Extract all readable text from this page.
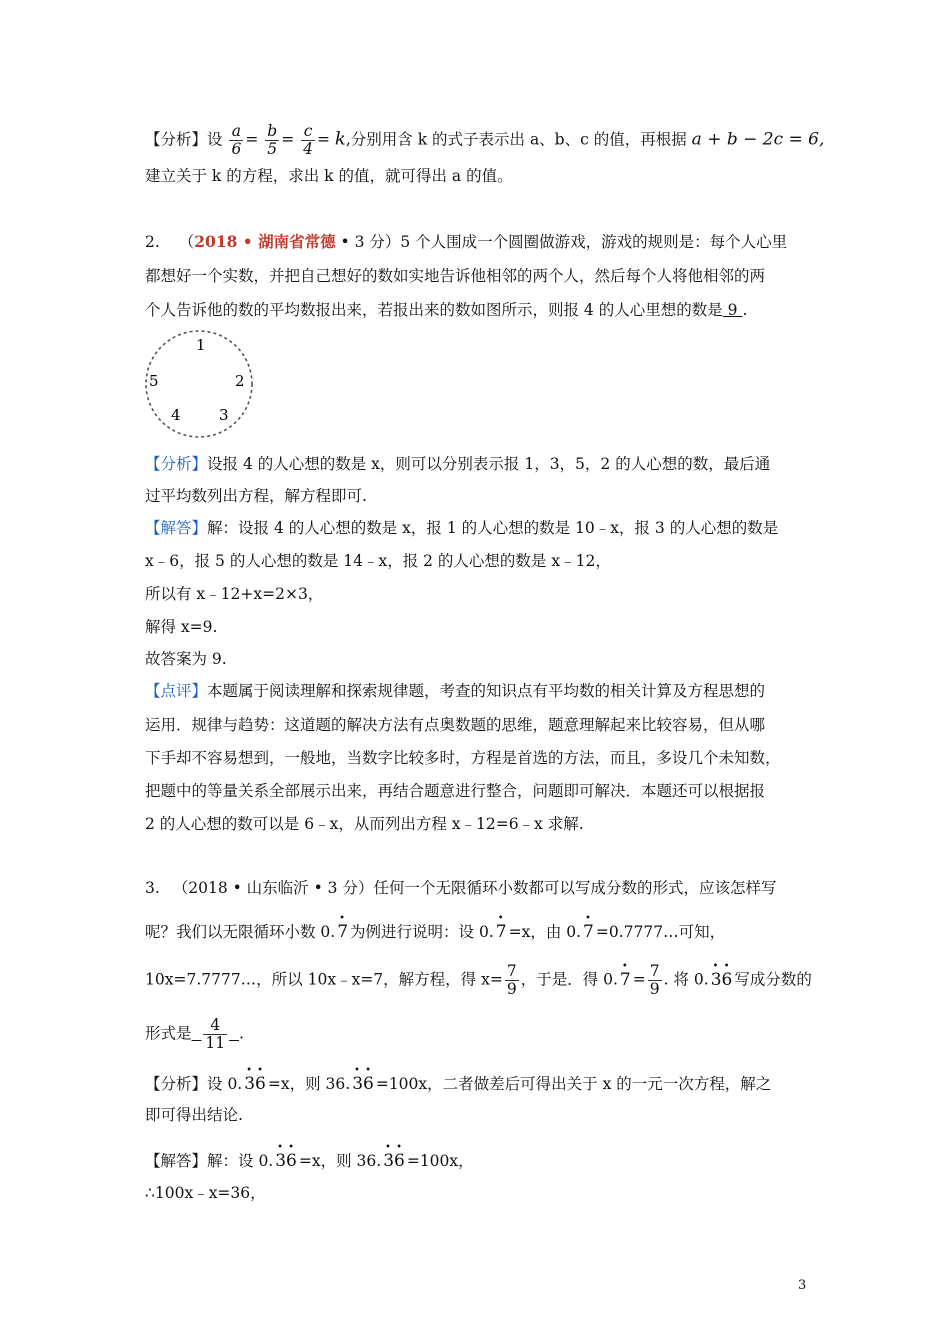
【分析】设 $\frac{a}{6} = \frac{b}{5} = \frac{c}{4} = k$,分别用含 k 的式子表示出 a、b、c 的值，再根据 a + b − 2c = 6,
建立关于 k 的方程，求出 k 的值，就可得出 a 的值。
2. （2018 • 湖南省常德 • 3 分）5 个人围成一个圆圈做游戏，游戏的规则是：每个人心里
都想好一个实数，并把自己想好的数如实地告诉他相邻的两个人，然后每个人将他相邻的两
个人告诉他的数的平均数报出来，若报出来的数如图所示，则报 4 的人心里想的数是 9 .
1
2
3
4
5
【分析】设报 4 的人心想的数是 x，则可以分别表示报 1，3，5，2 的人心想的数，最后通
过平均数列出方程，解方程即可.
【解答】解：设报 4 的人心想的数是 x，报 1 的人心想的数是 10﹣x，报 3 的人心想的数是
x﹣6，报 5 的人心想的数是 14﹣x，报 2 的人心想的数是 x﹣12，
所以有 x﹣12+x=2×3，
解得 x=9.
故答案为 9.
【点评】本题属于阅读理解和探索规律题，考查的知识点有平均数的相关计算及方程思想的
运用．规律与趋势：这道题的解决方法有点奥数题的思维，题意理解起来比较容易，但从哪
下手却不容易想到，一般地，当数字比较多时，方程是首选的方法，而且，多设几个未知数，
把题中的等量关系全部展示出来，再结合题意进行整合，问题即可解决．本题还可以根据报
2 的人心想的数可以是 6﹣x，从而列出方程 x﹣12=6﹣x 求解.
3. （2018 • 山东临沂 • 3 分）任何一个无限循环小数都可以写成分数的形式，应该怎样写
呢？我们以无限循环小数 0.
•
7 为例进行说明：设 0.
•
7 =x，由 0.
•
7 =0.7777…可知，
10x=7.7777…，所以 10x﹣x=7，解方程，得 $x= \frac{7}{9}$ ，于是．得 0.
•
$7 = \frac{7}{9}$ . 将 0.
• •
36 写成分数的
形式是  $\frac{4}{11}$
  .
【分析】设 0.
• •
36 =x，则 36.
• •
36 =100x，二者做差后可得出关于 x 的一元一次方程，解之
即可得出结论.
【解答】解：设 0.
• •
36 =x，则 36.
• •
36 =100x，
∴100x﹣x=36，
3
